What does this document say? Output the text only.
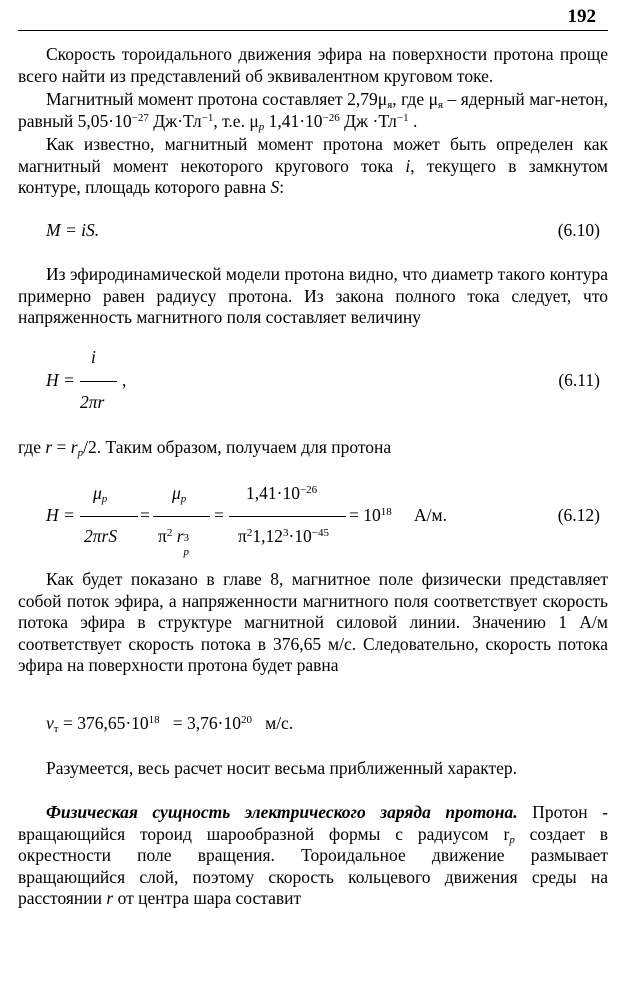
192

Скорость тороидального движения эфира на поверхности протона проще всего найти из представлений об эквивалентном круговом токе.

Магнитный момент протона составляет $2,79\mu_я$, где $\mu_я$ – ядерный маг-нетон, равный $5,05\cdot 10^{-27}$ $Дж\cdot Тл^{-1}$, т.е. $\mu_p$ $1,41\cdot 10^{-26}$ Дж $\cdot Тл^{-1}$ .

Как известно, магнитный момент протона может быть определен как магнитный момент некоторого кругового тока i, текущего в замкнутом контуре, площадь которого равна S:

M = iS.	(6.10)

Из эфиродинамической модели протона видно, что диаметр такого контура примерно равен радиусу протона. Из закона полного тока следует, что напряженность магнитного поля составляет величину

H =
i
2πr
,	(6.11)

где $r = r_p/2$. Таким образом, получаем для протона

H =
$\mu_p$
2πrS
=
$\mu_p$
$\pi^2$ r 3
p
=
$1,41\cdot 10^{-26}$
$\pi^21,12^3\cdot 10^{-45}$
= $10^{18}$ А/м.	(6.12)

Как будет показано в главе 8, магнитное поле физически представляет собой поток эфира, а напряженности магнитного поля соответствует скорость потока эфира в структуре магнитной силовой линии. Значению 1 А/м соответствует скорость потока в 376,65 м/с. Следовательно, скорость потока эфира на поверхности протона будет равна

$v_т = 376,65\cdot 10^{18} = 3,76\cdot 10^{20}$   м/с.

Разумеется, весь расчет носит весьма приближенный характер.

Физическая сущность электрического заряда протона. Протон - вращающийся тороид шарообразной формы с радиусом $r_p$ создает в окрестности поле вращения. Тороидальное движение размывает вращающийся слой, поэтому скорость кольцевого движения среды на расстоянии r от центра шара составит
